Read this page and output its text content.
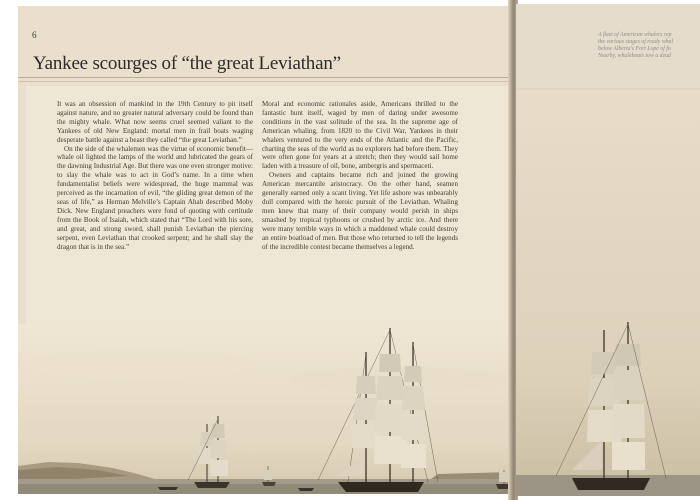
6
Yankee scourges of “the great Leviathan”

It was an obsession of mankind in the 19th Century to pit itself against nature, and no greater natural adversary could be found than the mighty whale. What now seems cruel seemed valiant to the Yankees of old New England: mortal men in frail boats waging desperate battle against a beast they called “the great Leviathan.”

On the side of the whalemen was the virtue of economic benefit—whale oil lighted the lamps of the world and lubricated the gears of the dawning Industrial Age. But there was one even stronger motive: to slay the whale was to act in God’s name. In a time when fundamentalist beliefs were widespread, the huge mammal was perceived as the incarnation of evil, “the gliding great demon of the seas of life,” as Herman Melville’s Captain Ahab described Moby Dick. New England preachers were fond of quoting with certitude from the Book of Isaiah, which stated that “The Lord with his sore, and great, and strong sword, shall punish Leviathan the piercing serpent, even Leviathan that crooked serpent; and he shall slay the dragon that is in the sea.”

Moral and economic rationales aside, Americans thrilled to the fantastic hunt itself, waged by men of daring under awesome conditions in the vast solitude of the sea. In the supreme age of American whaling, from 1820 to the Civil War, Yankees in their whalers ventured to the very ends of the Atlantic and the Pacific, charting the seas of the world as no explorers had before them. They were often gone for years at a stretch; then they would sail home laden with a treasure of oil, bone, ambergris and spermaceti.

Owners and captains became rich and joined the growing American mercantile aristocracy. On the other hand, seamen generally earned only a scant living. Yet life ashore was unbearably dull compared with the heroic pursuit of the Leviathan. Whaling men knew that many of their company would perish in ships smashed by tropical typhoons or crushed by arctic ice. And there were many terrible ways in which a maddened whale could destroy an entire boatload of men. But those who returned to tell the legends of the incredible contest became themselves a legend.

A fleet of American whalers rep
the various stages of ready whal
below Alberta's Fort Lope of fo
Nearby, whaleboats tow a dead
